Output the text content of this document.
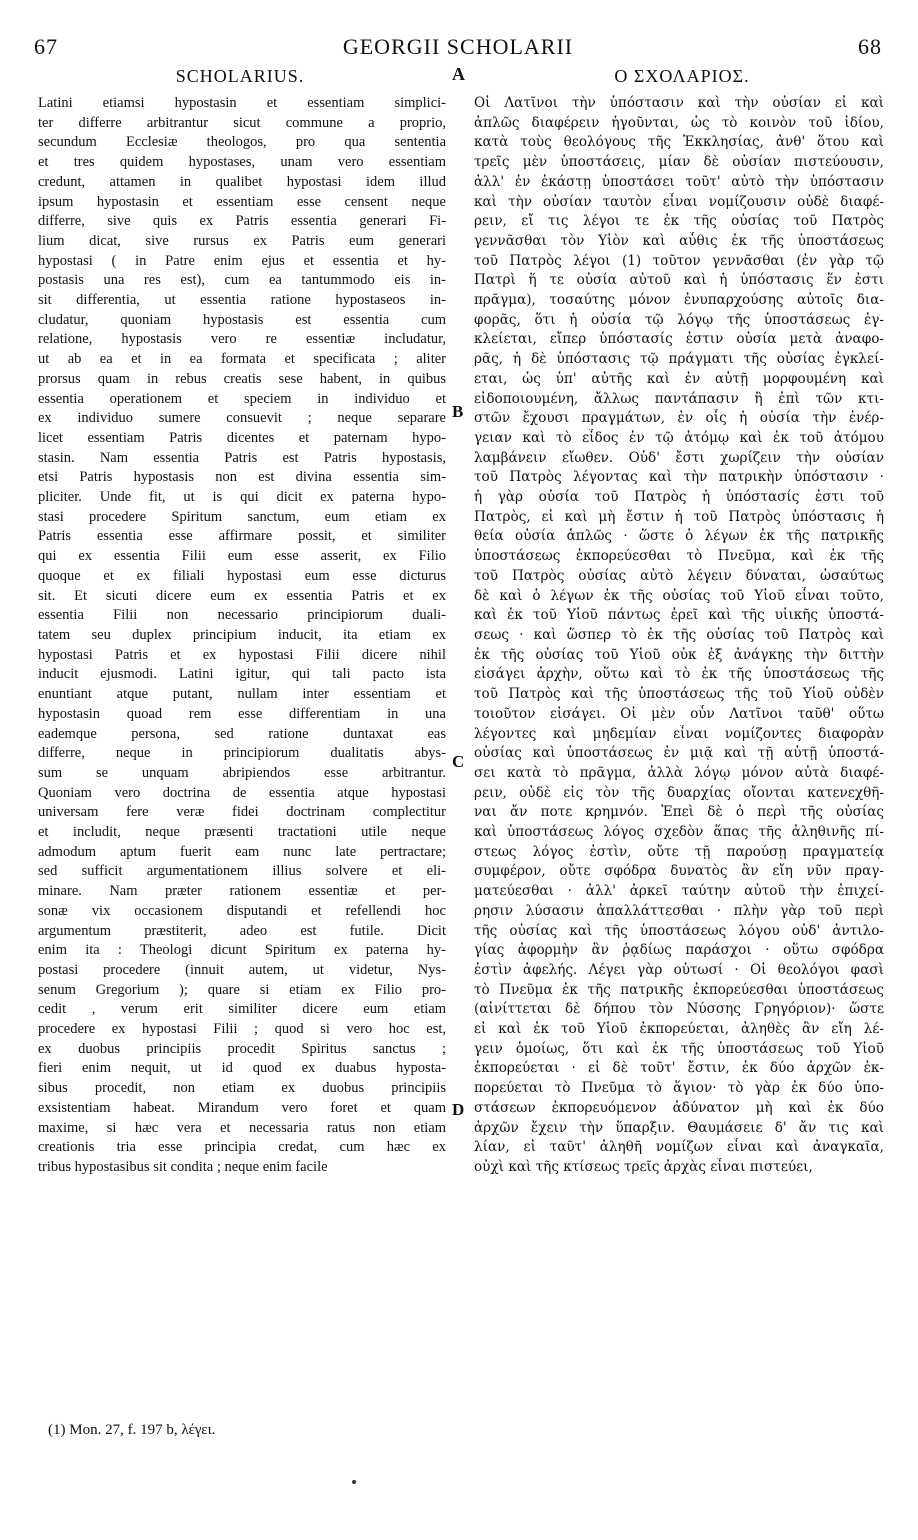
67	GEORGII SCHOLARII	68
SCHOLARIUS.	A	Ο ΣΧΟΛΑΡΙΟΣ.
Latini etiamsi hypostasin et essentiam simplici-
ter differre arbitrantur sicut commune a proprio,
secundum Ecclesiæ theologos, pro qua sententia
et tres quidem hypostases, unam vero essentiam
credunt, attamen in qualibet hypostasi idem illud
ipsum hypostasin et essentiam esse censent neque
differre, sive quis ex Patris essentia generari Fi-
lium dicat, sive rursus ex Patris eum generari
hypostasi ( in Patre enim ejus et essentia et hy-
postasis una res est), cum ea tantummodo eis in-
sit differentia, ut essentia ratione hypostaseos in-
cludatur, quoniam hypostasis est essentia cum
relatione, hypostasis vero re essentiæ includatur,
ut ab ea et in ea formata et specificata ; aliter
prorsus quam in rebus creatis sese habent, in quibus
essentia operationem et speciem in individuo et
ex individuo sumere consuevit ; neque separare
licet essentiam Patris dicentes et paternam hypo-
stasin. Nam essentia Patris est Patris hypostasis,
etsi Patris hypostasis non est divina essentia sim-
pliciter. Unde fit, ut is qui dicit ex paterna hypo-
stasi procedere Spiritum sanctum, eum etiam ex
Patris essentia esse affirmare possit, et similiter
qui ex essentia Filii eum esse asserit, ex Filio
quoque et ex filiali hypostasi eum esse dicturus
sit. Et sicuti dicere eum ex essentia Patris et ex
essentia Filii non necessario principiorum duali-
tatem seu duplex principium inducit, ita etiam ex
hypostasi Patris et ex hypostasi Filii dicere nihil
inducit ejusmodi. Latini igitur, qui tali pacto ista
enuntiant atque putant, nullam inter essentiam et
hypostasin quoad rem esse differentiam in una
eademque persona, sed ratione duntaxat eas
differre, neque in principiorum dualitatis abys-
sum se unquam abripiendos esse arbitrantur.
Quoniam vero doctrina de essentia atque hypostasi
universam fere veræ fidei doctrinam complectitur
et includit, neque præsenti tractationi utile neque
admodum aptum fuerit eam nunc late pertractare;
sed sufficit argumentationem illius solvere et eli-
minare. Nam præter rationem essentiæ et per-
sonæ vix occasionem disputandi et refellendi hoc
argumentum præstiterit, adeo est futile. Dicit
enim ita : Theologi dicunt Spiritum ex paterna hy-
postasi procedere (innuit autem, ut videtur, Nys-
senum Gregorium ); quare si etiam ex Filio pro-
cedit , verum erit similiter dicere eum etiam
procedere ex hypostasi Filii ; quod si vero hoc est,
ex duobus principiis procedit Spiritus sanctus ;
fieri enim nequit, ut id quod ex duabus hyposta-
sibus procedit, non etiam ex duobus principiis
exsistentiam habeat. Mirandum vero foret et quam
maxime, si hæc vera et necessaria ratus non etiam
creationis tria esse principia credat, cum hæc ex
tribus hypostasibus sit condita ; neque enim facile
Οἱ Λατῖνοι τὴν ὑπόστασιν καὶ τὴν οὐσίαν εἰ καὶ
ἁπλῶς διαφέρειν ἡγοῦνται, ὡς τὸ κοινὸν τοῦ ἰδίου,
κατὰ τοὺς θεολόγους τῆς Ἐκκλησίας, ἀνθ' ὅτου καὶ
τρεῖς μὲν ὑποστάσεις, μίαν δὲ οὐσίαν πιστεύουσιν,
ἀλλ' ἐν ἑκάστῃ ὑποστάσει τοῦτ' αὐτὸ τὴν ὑπόστασιν
καὶ τὴν οὐσίαν ταυτὸν εἶναι νομίζουσιν οὐδὲ διαφέ-
ρειν, εἴ τις λέγοι τε ἐκ τῆς οὐσίας τοῦ Πατρὸς
γεννᾶσθαι τὸν Υἱὸν καὶ αὖθις ἐκ τῆς ὑποστάσεως
τοῦ Πατρὸς λέγοι (1) τοῦτον γεννᾶσθαι (ἐν γὰρ τῷ
Πατρὶ ἥ τε οὐσία αὐτοῦ καὶ ἡ ὑπόστασις ἕν ἐστι
πρᾶγμα), τοσαύτης μόνον ἐνυπαρχούσης αὐτοῖς δια-
φορᾶς, ὅτι ἡ οὐσία τῷ λόγῳ τῆς ὑποστάσεως ἐγ-
κλείεται, εἴπερ ὑπόστασίς ἐστιν οὐσία μετὰ ἀναφο-
ρᾶς, ἡ δὲ ὑπόστασις τῷ πράγματι τῆς οὐσίας ἐγκλεί-
εται, ὡς ὑπ' αὐτῆς καὶ ἐν αὐτῇ μορφουμένη καὶ
εἰδοποιουμένη, ἄλλως παντάπασιν ἢ ἐπὶ τῶν κτι-
στῶν ἔχουσι πραγμάτων, ἐν οἷς ἡ οὐσία τὴν ἐνέρ-
γειαν καὶ τὸ εἶδος ἐν τῷ ἀτόμῳ καὶ ἐκ τοῦ ἀτόμου
λαμβάνειν εἴωθεν. Οὐδ' ἔστι χωρίζειν τὴν οὐσίαν
τοῦ Πατρὸς λέγοντας καὶ τὴν πατρικὴν ὑπόστασιν ·
ἡ γὰρ οὐσία τοῦ Πατρὸς ἡ ὑπόστασίς ἐστι τοῦ
Πατρὸς, εἰ καὶ μὴ ἔστιν ἡ τοῦ Πατρὸς ὑπόστασις ἡ
θεία οὐσία ἁπλῶς · ὥστε ὁ λέγων ἐκ τῆς πατρικῆς
ὑποστάσεως ἐκπορεύεσθαι τὸ Πνεῦμα, καὶ ἐκ τῆς
τοῦ Πατρὸς οὐσίας αὐτὸ λέγειν δύναται, ὡσαύτως
δὲ καὶ ὁ λέγων ἐκ τῆς οὐσίας τοῦ Υἱοῦ εἶναι τοῦτο,
καὶ ἐκ τοῦ Υἱοῦ πάντως ἐρεῖ καὶ τῆς υἱικῆς ὑποστά-
σεως · καὶ ὥσπερ τὸ ἐκ τῆς οὐσίας τοῦ Πατρὸς καὶ
ἐκ τῆς οὐσίας τοῦ Υἱοῦ οὐκ ἐξ ἀνάγκης τὴν διττὴν
εἰσάγει ἀρχὴν, οὕτω καὶ τὸ ἐκ τῆς ὑποστάσεως τῆς
τοῦ Πατρὸς καὶ τῆς ὑποστάσεως τῆς τοῦ Υἱοῦ οὐδὲν
τοιοῦτον εἰσάγει. Οἱ μὲν οὖν Λατῖνοι ταῦθ' οὕτω
λέγοντες καὶ μηδεμίαν εἶναι νομίζοντες διαφορὰν
οὐσίας καὶ ὑποστάσεως ἐν μιᾷ καὶ τῇ αὐτῇ ὑποστά-
σει κατὰ τὸ πρᾶγμα, ἀλλὰ λόγῳ μόνον αὐτὰ διαφέ-
ρειν, οὐδὲ εἰς τὸν τῆς δυαρχίας οἴονται κατενεχθῆ-
ναι ἄν ποτε κρημνόν. Ἐπεὶ δὲ ὁ περὶ τῆς οὐσίας
καὶ ὑποστάσεως λόγος σχεδὸν ἅπας τῆς ἀληθινῆς πί-
στεως λόγος ἐστὶν, οὔτε τῇ παρούσῃ πραγματείᾳ
συμφέρον, οὔτε σφόδρα δυνατὸς ἂν εἴη νῦν πραγ-
ματεύεσθαι · ἀλλ' ἀρκεῖ ταύτην αὐτοῦ τὴν ἐπιχεί-
ρησιν λύσασιν ἀπαλλάττεσθαι · πλὴν γὰρ τοῦ περὶ
τῆς οὐσίας καὶ τῆς ὑποστάσεως λόγου οὐδ' ἀντιλο-
γίας ἀφορμὴν ἂν ῥᾳδίως παράσχοι · οὕτω σφόδρα
ἐστὶν ἀφελής. Λέγει γὰρ οὑτωσί · Οἱ θεολόγοι φασὶ
τὸ Πνεῦμα ἐκ τῆς πατρικῆς ἐκπορεύεσθαι ὑποστάσεως
(αἰνίττεται δὲ δήπου τὸν Νύσσης Γρηγόριον)· ὥστε
εἰ καὶ ἐκ τοῦ Υἱοῦ ἐκπορεύεται, ἀληθὲς ἂν εἴη λέ-
γειν ὁμοίως, ὅτι καὶ ἐκ τῆς ὑποστάσεως τοῦ Υἱοῦ
ἐκπορεύεται · εἰ δὲ τοῦτ' ἔστιν, ἐκ δύο ἀρχῶν ἐκ-
πορεύεται τὸ Πνεῦμα τὸ ἅγιον· τὸ γὰρ ἐκ δύο ὑπο-
στάσεων ἐκπορευόμενον ἀδύνατον μὴ καὶ ἐκ δύο
ἀρχῶν ἔχειν τὴν ὕπαρξιν. Θαυμάσειε δ' ἄν τις καὶ
λίαν, εἰ ταῦτ' ἀληθῆ νομίζων εἶναι καὶ ἀναγκαῖα,
οὐχὶ καὶ τῆς κτίσεως τρεῖς ἀρχὰς εἶναι πιστεύει,
B
C
D
(1) Mon. 27, f. 197 b, λέγει.
